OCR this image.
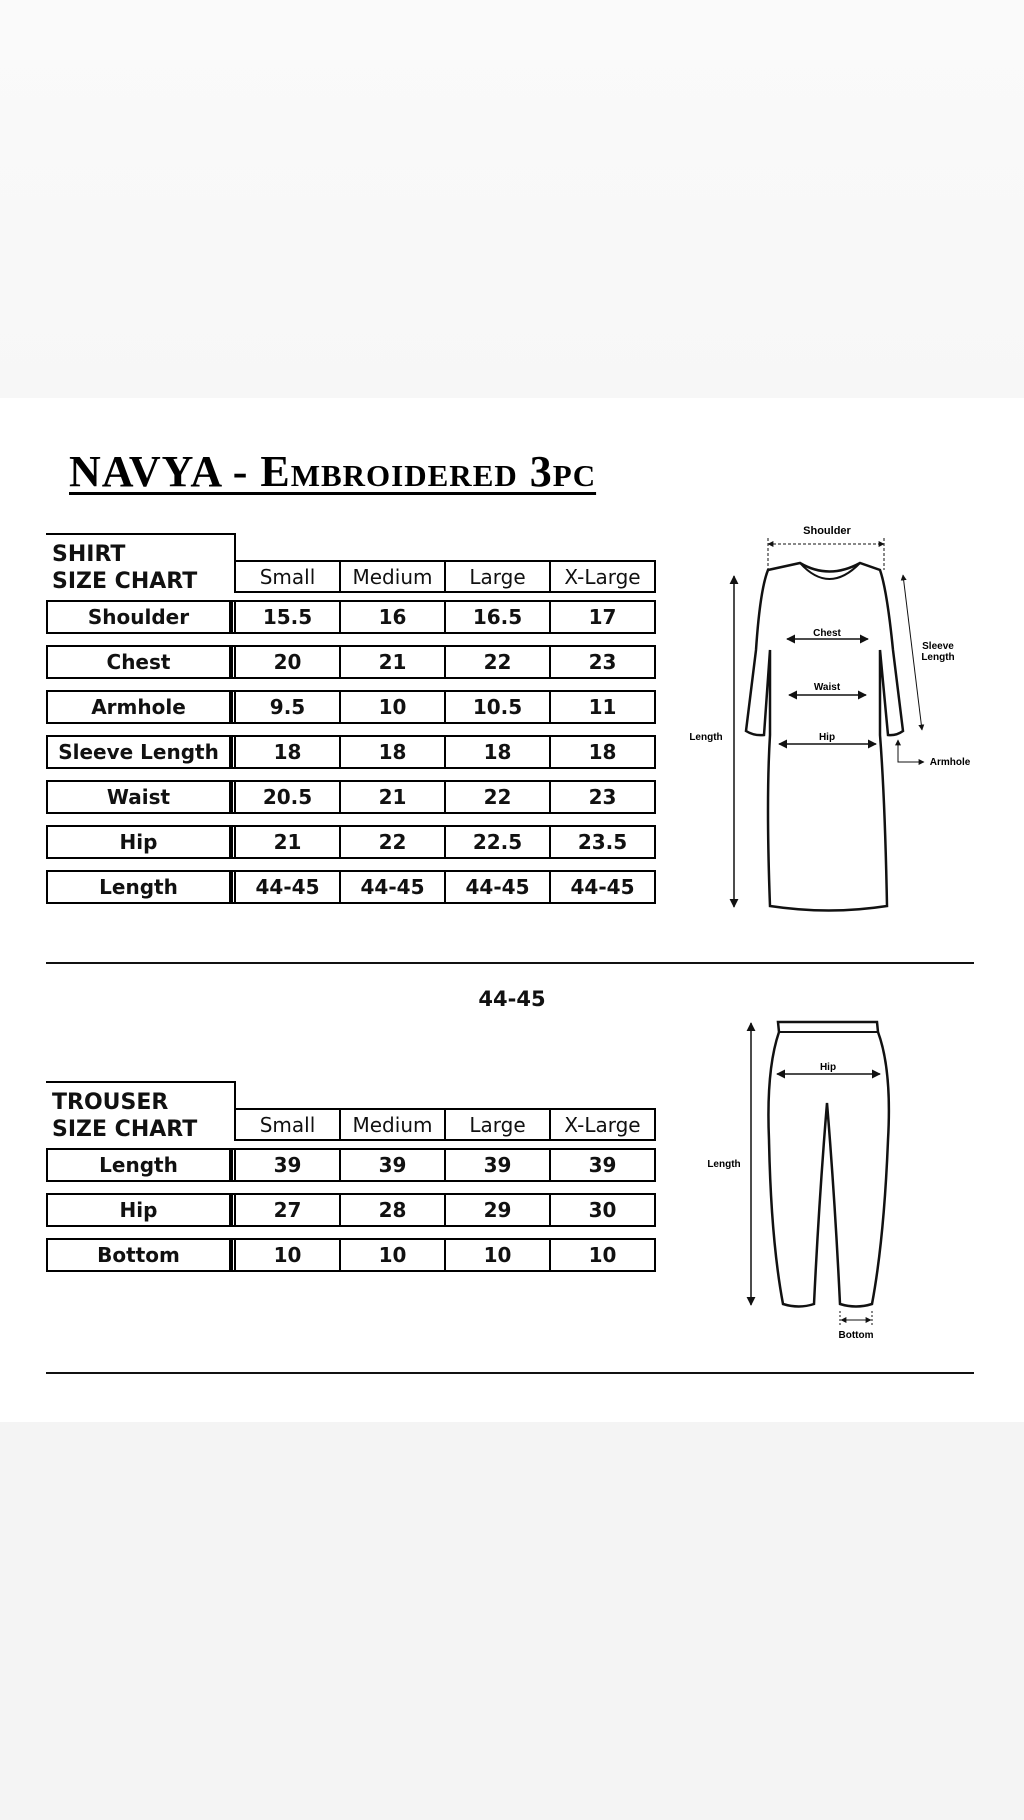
NAVYA - Embroidered 3pc
SHIRT
SIZE CHART	Small	Medium	Large	X-Large
Shoulder	15.5	16	16.5	17
Chest	20	21	22	23
Armhole	9.5	10	10.5	11
Sleeve Length	18	18	18	18
Waist	20.5	21	22	23
Hip	21	22	22.5	23.5
Length	44-45	44-45	44-45	44-45
44-45
TROUSER
SIZE CHART	Small	Medium	Large	X-Large
Length	39	39	39	39
Hip	27	28	29	30
Bottom	10	10	10	10
Shoulder
Chest
Waist
Hip
Length
Sleeve
Length
Armhole
Hip
Length
Bottom
